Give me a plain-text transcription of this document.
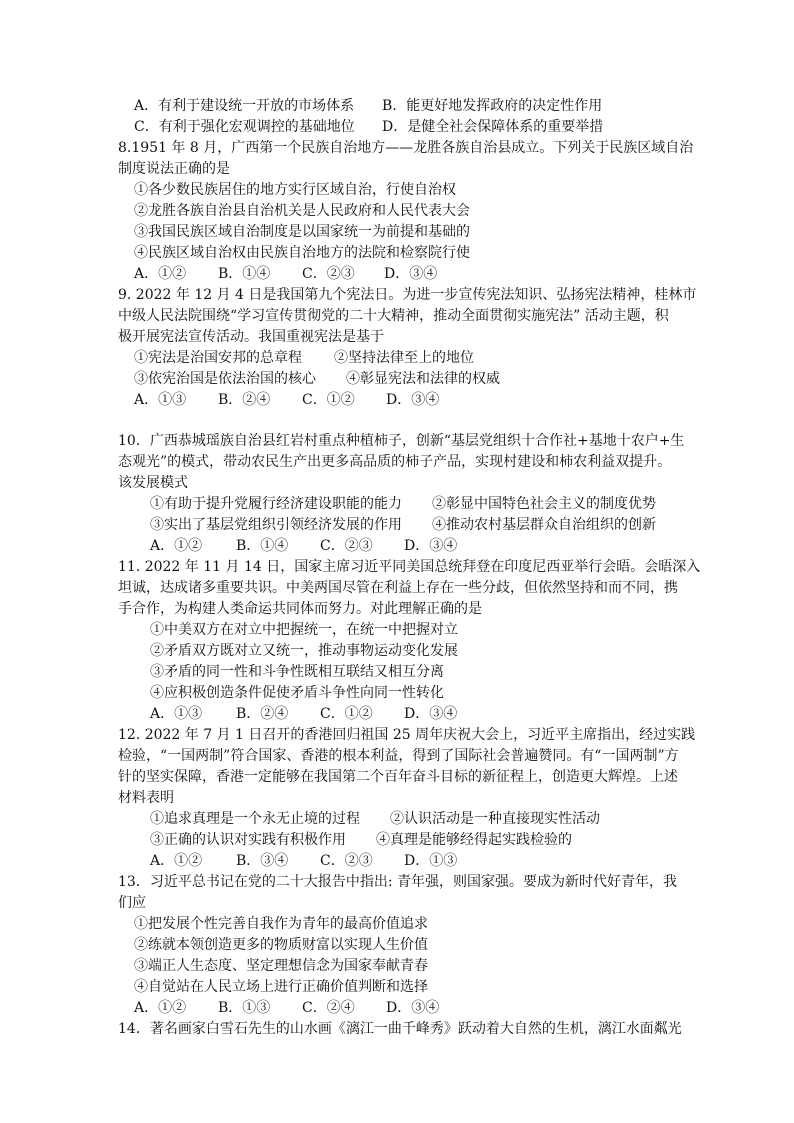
A．有利于建设统一开放的市场体系 B．能更好地发挥政府的决定性作用
C．有利于强化宏观调控的基础地位 D．是健全社会保障体系的重要举措
8.1951 年 8 月，广西第一个民族自治地方——龙胜各族自治县成立。下列关于民族区域自治
制度说法正确的是
①各少数民族居住的地方实行区域自治，行使自治权
②龙胜各族自治县自治机关是人民政府和人民代表大会
③我国民族区域自治制度是以国家统一为前提和基础的
④民族区域自治权由民族自治地方的法院和检察院行使
A．①② B．①④ C．②③ D．③④
9. 2022 年 12 月 4 日是我国第九个宪法日。为进一步宣传宪法知识、弘扬宪法精神，桂林市
中级人民法院围绕“学习宣传贯彻党的二十大精神，推动全面贯彻实施宪法” 活动主题，积
极开展宪法宣传活动。我国重视宪法是基于
①宪法是治国安邦的总章程 ②坚持法律至上的地位
③依宪治国是依法治国的核心 ④彰显宪法和法律的权威
A．①③ B．②④ C．①② D．③④
10．广西恭城瑶族自治县红岩村重点种植柿子，创新“基层党组织十合作社+基地十农户+生
态观光”的模式，带动农民生产出更多高品质的柿子产品，实现村建设和柿农利益双提升。
该发展模式
①有助于提升党履行经济建设职能的能力 ②彰显中国特色社会主义的制度优势
③实出了基层党组织引领经济发展的作用 ④推动农村基层群众自治组织的创新
A．①② B．①④ C．②③ D．③④
11. 2022 年 11 月 14 日，国家主席习近平同美国总统拜登在印度尼西亚举行会晤。会晤深入
坦诚，达成诸多重要共识。中美两国尽管在利益上存在一些分歧，但依然坚持和而不同，携
手合作，为构建人类命运共同体而努力。对此理解正确的是
①中美双方在对立中把握统一，在统一中把握对立
②矛盾双方既对立又统一，推动事物运动变化发展
③矛盾的同一性和斗争性既相互联结又相互分离
④应积极创造条件促使矛盾斗争性向同一性转化
A．①③ B．②④ C．①② D．③④
12. 2022 年 7 月 1 日召开的香港回归祖国 25 周年庆祝大会上，习近平主席指出，经过实践
检验，“一国两制”符合国家、香港的根本利益，得到了国际社会普遍赞同。有“一国两制”方
针的坚实保障，香港一定能够在我国第二个百年奋斗目标的新征程上，创造更大辉煌。上述
材料表明
①追求真理是一个永无止境的过程 ②认识活动是一种直接现实性活动
③正确的认识对实践有积极作用 ④真理是能够经得起实践检验的
A．①② B．③④ C．②③ D．①③
13．习近平总书记在党的二十大报告中指出: 青年强，则国家强。要成为新时代好青年，我
们应
①把发展个性完善自我作为青年的最高价值追求
②练就本领创造更多的物质财富以实现人生价值
③端正人生态度、坚定理想信念为国家奉献青春
④自觉站在人民立场上进行正确价值判断和选择
A．①② B．①③ C．②④ D．③④
14．著名画家白雪石先生的山水画《漓江一曲千峰秀》跃动着大自然的生机，漓江水面粼光
